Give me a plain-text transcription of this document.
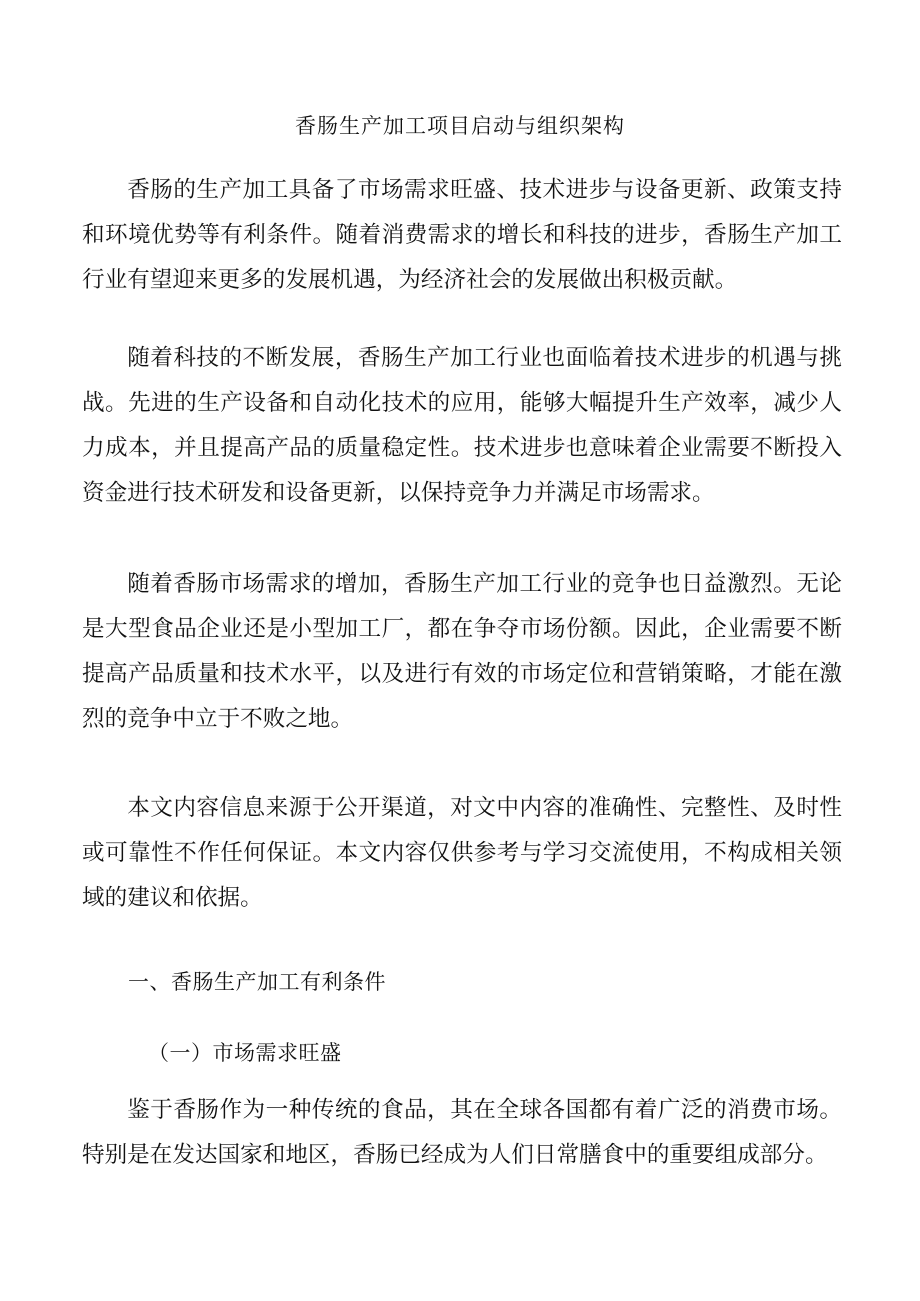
香肠生产加工项目启动与组织架构

香肠的生产加工具备了市场需求旺盛、技术进步与设备更新、政策支持和环境优势等有利条件。随着消费需求的增长和科技的进步，香肠生产加工行业有望迎来更多的发展机遇，为经济社会的发展做出积极贡献。

随着科技的不断发展，香肠生产加工行业也面临着技术进步的机遇与挑战。先进的生产设备和自动化技术的应用，能够大幅提升生产效率，减少人力成本，并且提高产品的质量稳定性。技术进步也意味着企业需要不断投入资金进行技术研发和设备更新，以保持竞争力并满足市场需求。

随着香肠市场需求的增加，香肠生产加工行业的竞争也日益激烈。无论是大型食品企业还是小型加工厂，都在争夺市场份额。因此，企业需要不断提高产品质量和技术水平，以及进行有效的市场定位和营销策略，才能在激烈的竞争中立于不败之地。

本文内容信息来源于公开渠道，对文中内容的准确性、完整性、及时性或可靠性不作任何保证。本文内容仅供参考与学习交流使用，不构成相关领域的建议和依据。

一、香肠生产加工有利条件
（一）市场需求旺盛

鉴于香肠作为一种传统的食品，其在全球各国都有着广泛的消费市场。特别是在发达国家和地区，香肠已经成为人们日常膳食中的重要组成部分。
